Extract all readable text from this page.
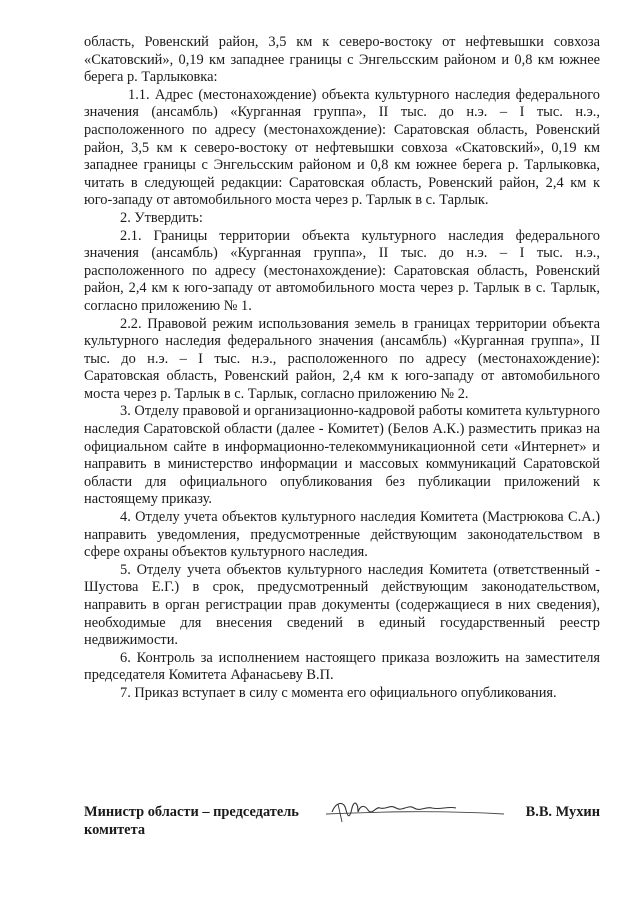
область, Ровенский район, 3,5 км к северо-востоку от нефтевышки совхоза «Скатовский», 0,19 км западнее границы с Энгельсским районом и 0,8 км южнее берега р. Тарлыковка:

1.1. Адрес (местонахождение) объекта культурного наследия федерального значения (ансамбль) «Курганная группа», II тыс. до н.э. – I тыс. н.э., расположенного по адресу (местонахождение): Саратовская область, Ровенский район, 3,5 км к северо-востоку от нефтевышки совхоза «Скатовский», 0,19 км западнее границы с Энгельсским районом и 0,8 км южнее берега р. Тарлыковка, читать в следующей редакции: Саратовская область, Ровенский район, 2,4 км к юго-западу от автомобильного моста через р. Тарлык в с. Тарлык.

2. Утвердить:

2.1. Границы территории объекта культурного наследия федерального значения (ансамбль) «Курганная группа», II тыс. до н.э. – I тыс. н.э., расположенного по адресу (местонахождение): Саратовская область, Ровенский район, 2,4 км к юго-западу от автомобильного моста через р. Тарлык в с. Тарлык, согласно приложению № 1.

2.2. Правовой режим использования земель в границах территории объекта культурного наследия федерального значения (ансамбль) «Курганная группа», II тыс. до н.э. – I тыс. н.э., расположенного по адресу (местонахождение): Саратовская область, Ровенский район, 2,4 км к юго-западу от автомобильного моста через р. Тарлык в с. Тарлык, согласно приложению № 2.

3. Отделу правовой и организационно-кадровой работы комитета культурного наследия Саратовской области (далее - Комитет) (Белов А.К.) разместить приказ на официальном сайте в информационно-телекоммуникационной сети «Интернет» и направить в министерство информации и массовых коммуникаций Саратовской области для официального опубликования без публикации приложений к настоящему приказу.

4. Отделу учета объектов культурного наследия Комитета (Мастрюкова С.А.) направить уведомления, предусмотренные действующим законодательством в сфере охраны объектов культурного наследия.

5. Отделу учета объектов культурного наследия Комитета (ответственный - Шустова Е.Г.) в срок, предусмотренный действующим законодательством, направить в орган регистрации прав документы (содержащиеся в них сведения), необходимые для внесения сведений в единый государственный реестр недвижимости.

6. Контроль за исполнением настоящего приказа возложить на заместителя председателя Комитета Афанасьеву В.П.

7. Приказ вступает в силу с момента его официального опубликования.

Министр области – председатель
комитета
В.В. Мухин
